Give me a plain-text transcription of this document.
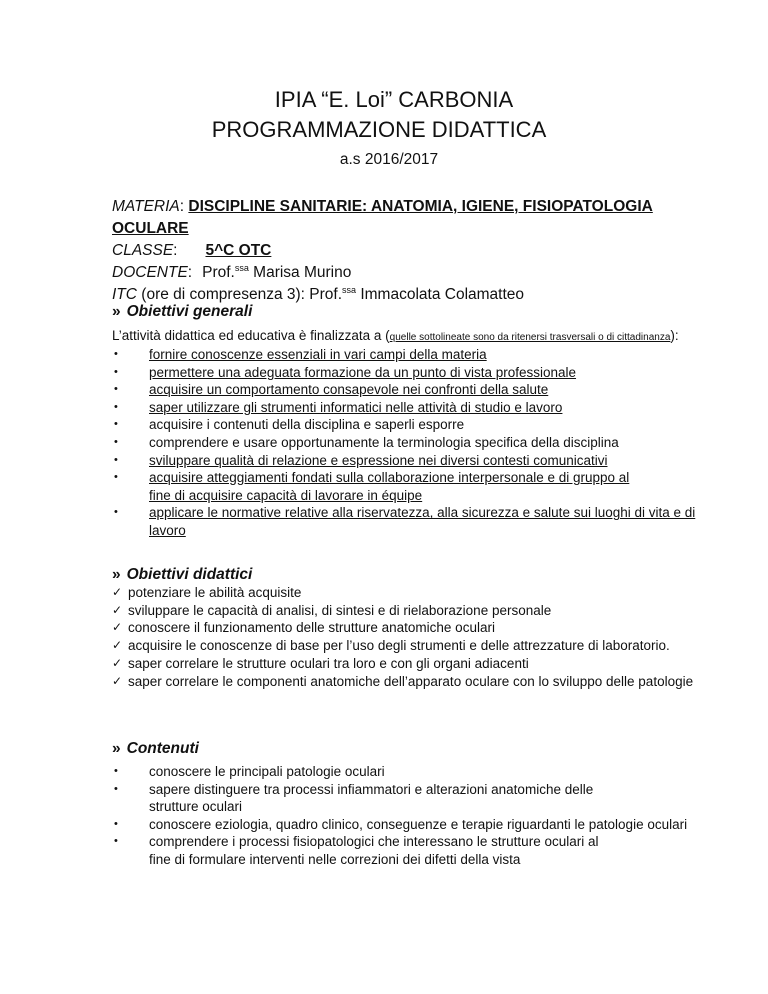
IPIA “E. Loi” CARBONIA
PROGRAMMAZIONE DIDATTICA
a.s 2016/2017
MATERIA: DISCIPLINE SANITARIE: ANATOMIA, IGIENE, FISIOPATOLOGIA OCULARE
CLASSE: 5^C OTC
DOCENTE: Prof.$^{ssa}$ Marisa Murino
ITC (ore di compresenza 3): Prof.$^{ssa}$ Immacolata Colamatteo
» Obiettivi generali
L’attività didattica ed educativa è finalizzata a (quelle sottolineate sono da ritenersi trasversali o di cittadinanza):
• fornire conoscenze essenziali in vari campi della materia
• permettere una adeguata formazione da un punto di vista professionale
• acquisire un comportamento consapevole nei confronti della salute
• saper utilizzare gli strumenti informatici nelle attività di studio e lavoro
• acquisire i contenuti della disciplina e saperli esporre
• comprendere e usare opportunamente la terminologia specifica della disciplina
• sviluppare qualità di relazione e espressione nei diversi contesti comunicativi
• acquisire atteggiamenti fondati sulla collaborazione interpersonale e di gruppo al fine di acquisire capacità di lavorare in équipe
• applicare le normative relative alla riservatezza, alla sicurezza e salute sui luoghi di vita e di lavoro
» Obiettivi didattici
✓ potenziare le abilità acquisite
✓ sviluppare le capacità di analisi, di sintesi e di rielaborazione personale
✓ conoscere il funzionamento delle strutture anatomiche oculari
✓ acquisire le conoscenze di base per l’uso degli strumenti e delle attrezzature di laboratorio.
✓ saper correlare le strutture oculari tra loro e con gli organi adiacenti
✓ saper correlare le componenti anatomiche dell’apparato oculare con lo sviluppo delle patologie
» Contenuti
• conoscere le principali patologie oculari
• sapere distinguere tra processi infiammatori e alterazioni anatomiche delle strutture oculari
• conoscere eziologia, quadro clinico, conseguenze e terapie riguardanti le patologie oculari
• comprendere i processi fisiopatologici che interessano le strutture oculari al fine di formulare interventi nelle correzioni dei difetti della vista
